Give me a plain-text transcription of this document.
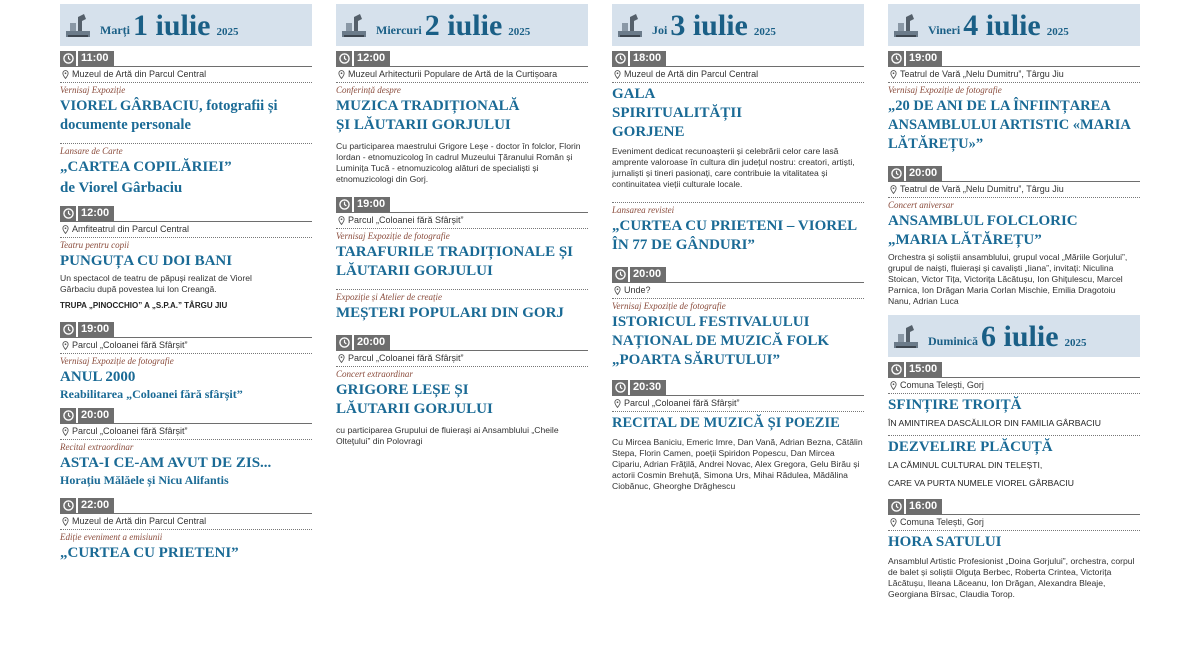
Marți 1 iulie 2025
11:00
Muzeul de Artă din Parcul Central
Vernisaj Expoziție
VIOREL GÂRBACIU, fotografii și documente personale
Lansare de Carte
„CARTEA COPILĂRIEI”
de Viorel Gârbaciu
12:00
Amfiteatrul din Parcul Central
Teatru pentru copii
PUNGUȚA CU DOI BANI
Un spectacol de teatru de păpuși realizat de Viorel Gârbaciu după povestea lui Ion Creangă.
TRUPA „PINOCCHIO” A „S.P.A.” TÂRGU JIU
19:00
Parcul „Coloanei fără Sfârșit”
Vernisaj Expoziție de fotografie
ANUL 2000
Reabilitarea „Coloanei fără sfârșit”
20:00
Parcul „Coloanei fără Sfârșit”
Recital extraordinar
ASTA-I CE-AM AVUT DE ZIS...
Horațiu Mălăele și Nicu Alifantis
22:00
Muzeul de Artă din Parcul Central
Ediție eveniment a emisiunii
„CURTEA CU PRIETENI”
Miercuri 2 iulie 2025
12:00
Muzeul Arhitecturii Populare de Artă de la Curtișoara
Conferință despre
MUZICA TRADIȚIONALĂ ȘI LĂUTARII GORJULUI
Cu participarea maestrului Grigore Leșe - doctor în folclor, Florin Iordan - etnomuzicolog în cadrul Muzeului Țăranului Român și Luminița Tucă - etnomuzicolog alături de specialiști și etnomuzicologi din Gorj.
19:00
Parcul „Coloanei fără Sfârșit”
Vernisaj Expoziție de fotografie
TARAFURILE TRADIȚIONALE ȘI LĂUTARII GORJULUI
Expoziție și Atelier de creație
MEȘTERI POPULARI DIN GORJ
20:00
Parcul „Coloanei fără Sfârșit”
Concert extraordinar
GRIGORE LEȘE ȘI LĂUTARII GORJULUI
cu participarea Grupului de fluierași ai Ansamblului „Cheile Olteţului” din Polovragi
Joi 3 iulie 2025
18:00
Muzeul de Artă din Parcul Central
GALA SPIRITUALITĂȚII GORJENE
Eveniment dedicat recunoașterii și celebrării celor care lasă amprente valoroase în cultura din județul nostru: creatori, artiști, jurnaliști și tineri pasionați, care contribuie la vitalitatea și continuitatea vieții culturale locale.
Lansarea revistei
„CURTEA CU PRIETENI – VIOREL ÎN 77 DE GÂNDURI”
20:00
Unde?
Vernisaj Expoziție de fotografie
ISTORICUL FESTIVALULUI NAȚIONAL DE MUZICĂ FOLK „POARTA SĂRUTULUI”
20:30
Parcul „Coloanei fără Sfârșit”
RECITAL DE MUZICĂ ȘI POEZIE
Cu Mircea Baniciu, Emeric Imre, Dan Vană, Adrian Bezna, Cătălin Stepa, Florin Camen, poeții Spiridon Popescu, Dan Mircea Cipariu, Adrian Frățilă, Andrei Novac, Alex Gregora, Gelu Birău și actorii Cosmin Brehuță, Simona Urs, Mihai Rădulea, Mădălina Ciobănuc, Gheorghe Drăghescu
Vineri 4 iulie 2025
19:00
Teatrul de Vară „Nelu Dumitru”, Târgu Jiu
Vernisaj Expoziție de fotografie
„20 DE ANI DE LA ÎNFIINȚAREA ANSAMBLULUI ARTISTIC «MARIA LĂTĂREȚU»”
20:00
Teatrul de Vară „Nelu Dumitru”, Târgu Jiu
Concert aniversar
ANSAMBLUL FOLCLORIC „MARIA LĂTĂREȚU”
Orchestra și soliștii ansamblului, grupul vocal „Măriile Gorjului”, grupul de naiști, fluierași și cavaliști „Iiana”, invitați: Niculina Stoican, Victor Tița, Victorița Lăcătușu, Ion Ghițulescu, Marcel Parnica, Ion Drăgan Maria Corlan Mischie, Emilia Dragotoiu Nanu, Adrian Luca
Duminică 6 iulie 2025
15:00
Comuna Telești, Gorj
SFINȚIRE TROIȚĂ
ÎN AMINTIREA DASCĂLILOR DIN FAMILIA GÂRBACIU
DEZVELIRE PLĂCUȚĂ
LA CĂMINUL CULTURAL DIN TELEȘTI,
CARE VA PURTA NUMELE VIOREL GÂRBACIU
16:00
Comuna Telești, Gorj
HORA SATULUI
Ansamblul Artistic Profesionist „Doina Gorjului”, orchestra, corpul de balet și soliștii Olguța Berbec, Roberta Crintea, Victorița Lăcătușu, Ileana Lăceanu, Ion Drăgan, Alexandra Bleaje, Georgiana Bîrsac, Claudia Torop.
